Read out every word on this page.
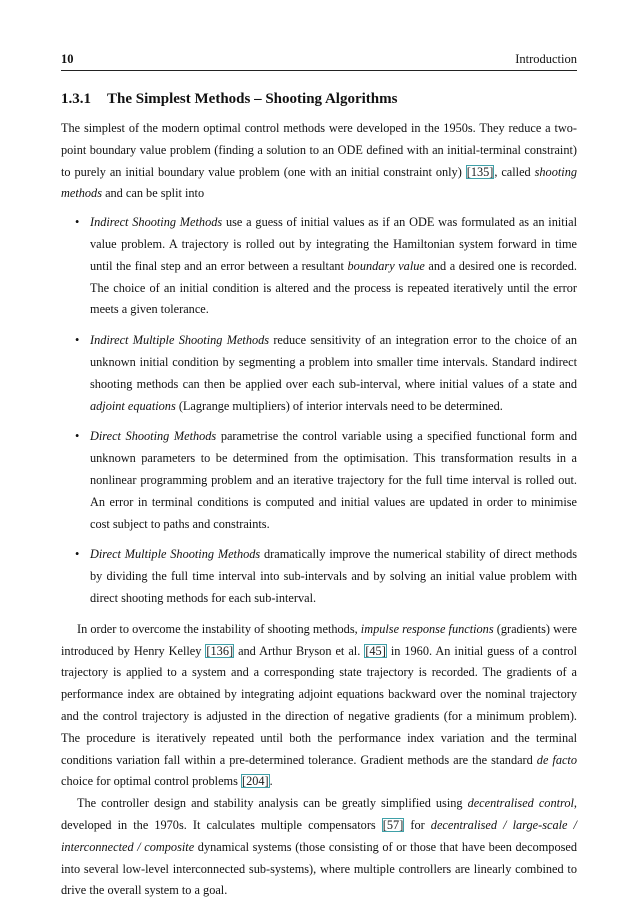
10	Introduction
1.3.1 The Simplest Methods – Shooting Algorithms

The simplest of the modern optimal control methods were developed in the 1950s. They reduce a two-point boundary value problem (finding a solution to an ODE defined with an initial-terminal constraint) to purely an initial boundary value problem (one with an initial constraint only) [135], called shooting methods and can be split into

• Indirect Shooting Methods use a guess of initial values as if an ODE was formulated as an initial value problem. A trajectory is rolled out by integrating the Hamiltonian system forward in time until the final step and an error between a resultant boundary value and a desired one is recorded. The choice of an initial condition is altered and the process is repeated iteratively until the error meets a given tolerance.
• Indirect Multiple Shooting Methods reduce sensitivity of an integration error to the choice of an unknown initial condition by segmenting a problem into smaller time intervals. Standard indirect shooting methods can then be applied over each sub-interval, where initial values of a state and adjoint equations (Lagrange multipliers) of interior intervals need to be determined.
• Direct Shooting Methods parametrise the control variable using a specified functional form and unknown parameters to be determined from the optimisation. This transformation results in a nonlinear programming problem and an iterative trajectory for the full time interval is rolled out. An error in terminal conditions is computed and initial values are updated in order to minimise cost subject to paths and constraints.
• Direct Multiple Shooting Methods dramatically improve the numerical stability of direct methods by dividing the full time interval into sub-intervals and by solving an initial value problem with direct shooting methods for each sub-interval.

In order to overcome the instability of shooting methods, impulse response functions (gradients) were introduced by Henry Kelley [136] and Arthur Bryson et al. [45] in 1960. An initial guess of a control trajectory is applied to a system and a corresponding state trajectory is recorded. The gradients of a performance index are obtained by integrating adjoint equations backward over the nominal trajectory and the control trajectory is adjusted in the direction of negative gradients (for a minimum problem). The procedure is iteratively repeated until both the performance index variation and the terminal conditions variation fall within a pre-determined tolerance. Gradient methods are the standard de facto choice for optimal control problems [204].

The controller design and stability analysis can be greatly simplified using decentralised control, developed in the 1970s. It calculates multiple compensators [57] for decentralised / large-scale / interconnected / composite dynamical systems (those consisting of or those that have been decomposed into several low-level interconnected sub-systems), where multiple controllers are linearly combined to drive the overall system to a goal.
